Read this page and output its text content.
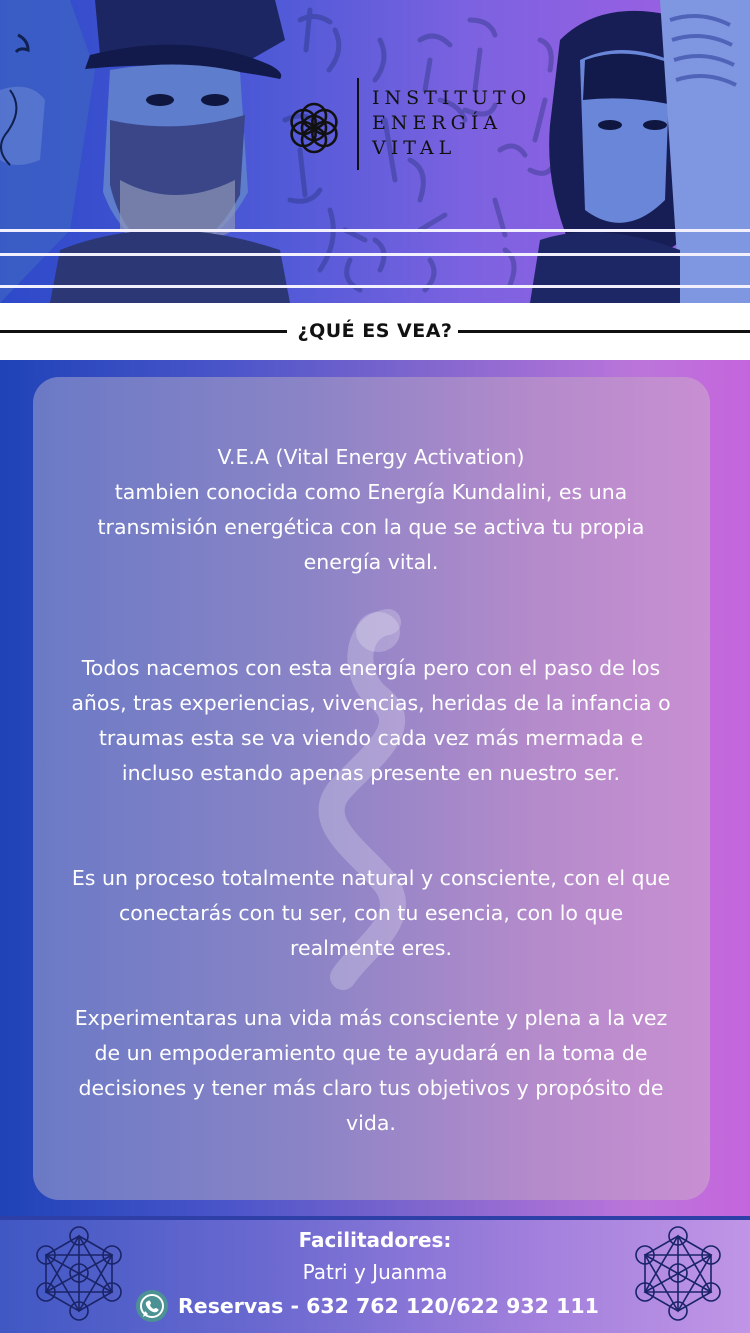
INSTITUTO
ENERGÍA
VITAL
¿QUÉ ES VEA?
V.E.A (Vital Energy Activation)
tambien conocida como Energía Kundalini, es una transmisión energética con la que se activa tu propia energía vital.
Todos nacemos con esta energía pero con el paso de los años, tras experiencias, vivencias, heridas de la infancia o traumas esta se va viendo cada vez más mermada e incluso estando apenas presente en nuestro ser.
Es un proceso totalmente natural y consciente, con el que conectarás con tu ser, con tu esencia, con lo que realmente eres.
Experimentaras una vida más consciente y plena a la vez de un empoderamiento que te ayudará en la toma de decisiones y tener más claro tus objetivos y propósito de vida.
Facilitadores:
Patri y Juanma
Reservas - 632 762 120/622 932 111
